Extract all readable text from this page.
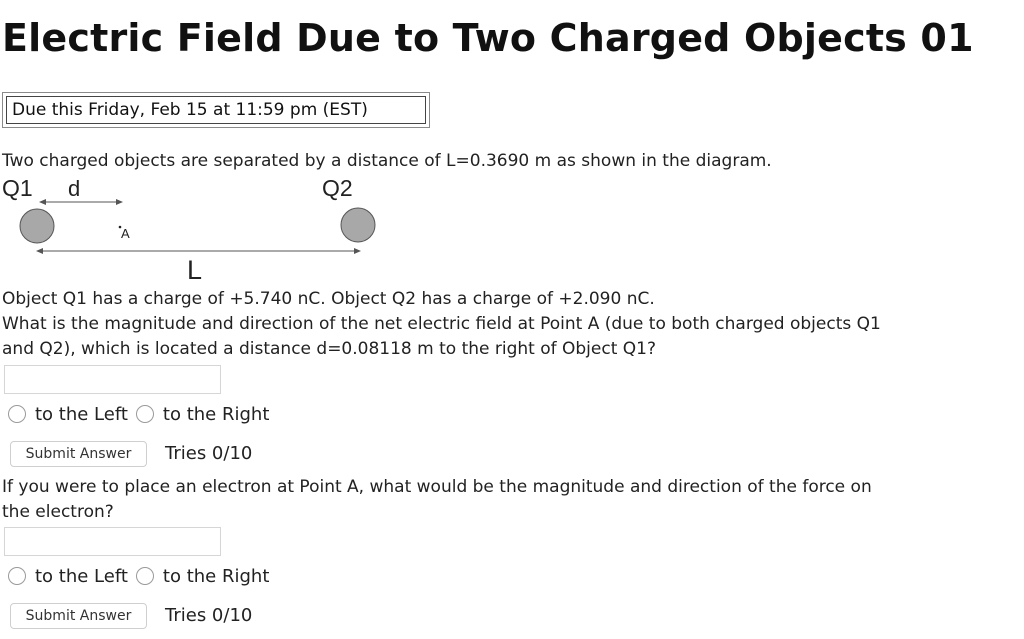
Electric Field Due to Two Charged Objects 01
Due this Friday, Feb 15 at 11:59 pm (EST)
Two charged objects are separated by a distance of L=0.3690 m as shown in the diagram.
Q1 d	Q2
A
L
Object Q1 has a charge of +5.740 nC. Object Q2 has a charge of +2.090 nC.
What is the magnitude and direction of the net electric field at Point A (due to both charged objects Q1
and Q2), which is located a distance d=0.08118 m to the right of Object Q1?
to the Left to the Right
Submit Answer	Tries 0/10
If you were to place an electron at Point A, what would be the magnitude and direction of the force on
the electron?
to the Left to the Right
Submit Answer	Tries 0/10
